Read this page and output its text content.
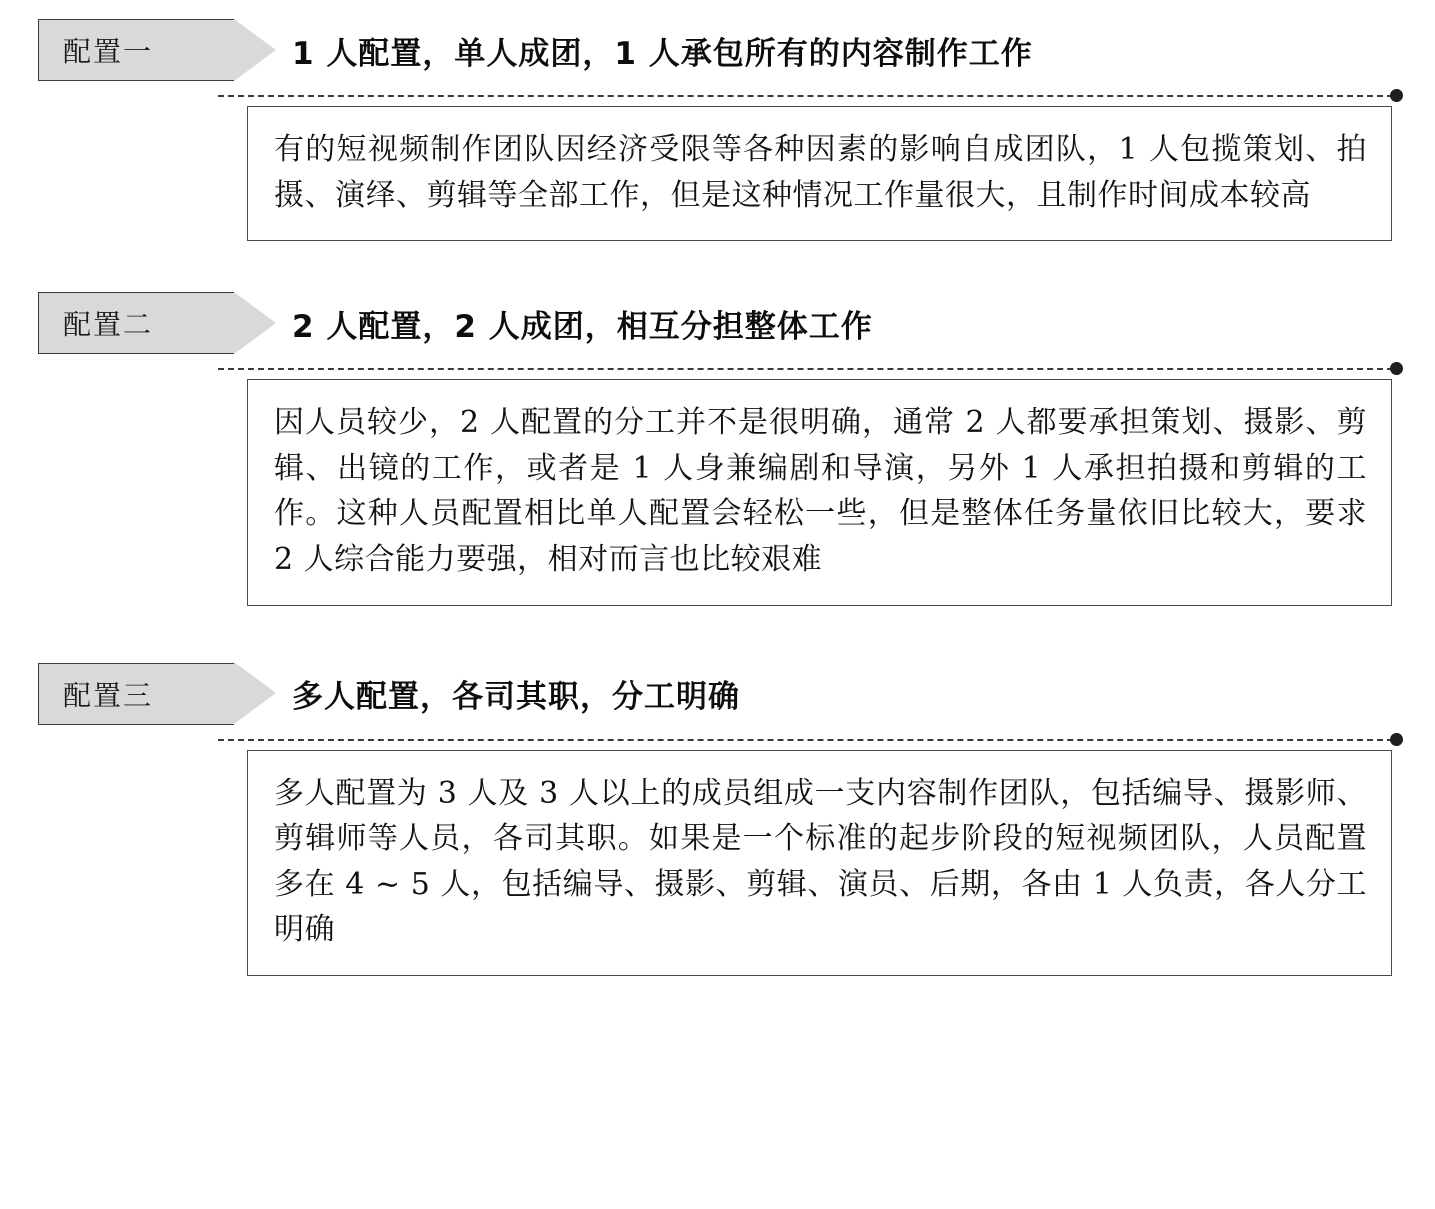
配置一	1 人配置，单人成团，1 人承包所有的内容制作工作
有的短视频制作团队因经济受限等各种因素的影响自成团队，1 人包揽策划、拍摄、演绎、剪辑等全部工作，但是这种情况工作量很大，且制作时间成本较高
配置二	2 人配置，2 人成团，相互分担整体工作
因人员较少，2 人配置的分工并不是很明确，通常 2 人都要承担策划、摄影、剪辑、出镜的工作，或者是 1 人身兼编剧和导演，另外 1 人承担拍摄和剪辑的工作。这种人员配置相比单人配置会轻松一些，但是整体任务量依旧比较大，要求 2 人综合能力要强，相对而言也比较艰难
配置三	多人配置，各司其职，分工明确
多人配置为 3 人及 3 人以上的成员组成一支内容制作团队，包括编导、摄影师、剪辑师等人员，各司其职。如果是一个标准的起步阶段的短视频团队，人员配置多在 4 ~ 5 人，包括编导、摄影、剪辑、演员、后期，各由 1 人负责，各人分工明确
